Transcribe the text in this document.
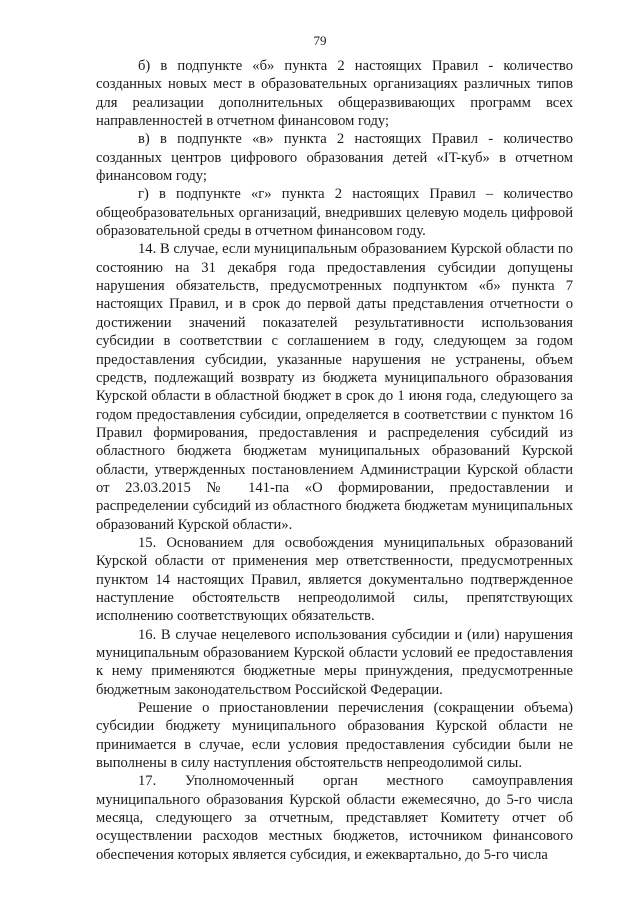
79

б) в подпункте «б» пункта 2 настоящих Правил - количество созданных новых мест в образовательных организациях различных типов для реализации дополнительных общеразвивающих программ всех направленностей в отчетном финансовом году;

в) в подпункте «в» пункта 2 настоящих Правил - количество созданных центров цифрового образования детей «IT-куб» в отчетном финансовом году;

г) в подпункте «г» пункта 2 настоящих Правил – количество общеобразовательных организаций, внедривших целевую модель цифровой образовательной среды в отчетном финансовом году.

14. В случае, если муниципальным образованием Курской области по состоянию на 31 декабря года предоставления субсидии допущены нарушения обязательств, предусмотренных подпунктом «б» пункта 7 настоящих Правил, и в срок до первой даты представления отчетности о достижении значений показателей результативности использования субсидии в соответствии с соглашением в году, следующем за годом предоставления субсидии, указанные нарушения не устранены, объем средств, подлежащий возврату из бюджета муниципального образования Курской области в областной бюджет в срок до 1 июня года, следующего за годом предоставления субсидии, определяется в соответствии с пунктом 16 Правил формирования, предоставления и распределения субсидий из областного бюджета бюджетам муниципальных образований Курской области, утвержденных постановлением Администрации Курской области от 23.03.2015 № 141-па «О формировании, предоставлении и распределении субсидий из областного бюджета бюджетам муниципальных образований Курской области».

15. Основанием для освобождения муниципальных образований Курской области от применения мер ответственности, предусмотренных пунктом 14 настоящих Правил, является документально подтвержденное наступление обстоятельств непреодолимой силы, препятствующих исполнению соответствующих обязательств.

16. В случае нецелевого использования субсидии и (или) нарушения муниципальным образованием Курской области условий ее предоставления к нему применяются бюджетные меры принуждения, предусмотренные бюджетным законодательством Российской Федерации.

Решение о приостановлении перечисления (сокращении объема) субсидии бюджету муниципального образования Курской области не принимается в случае, если условия предоставления субсидии были не выполнены в силу наступления обстоятельств непреодолимой силы.

17. Уполномоченный орган местного самоуправления муниципального образования Курской области ежемесячно, до 5-го числа месяца, следующего за отчетным, представляет Комитету отчет об осуществлении расходов местных бюджетов, источником финансового обеспечения которых является субсидия, и ежеквартально, до 5-го числа
